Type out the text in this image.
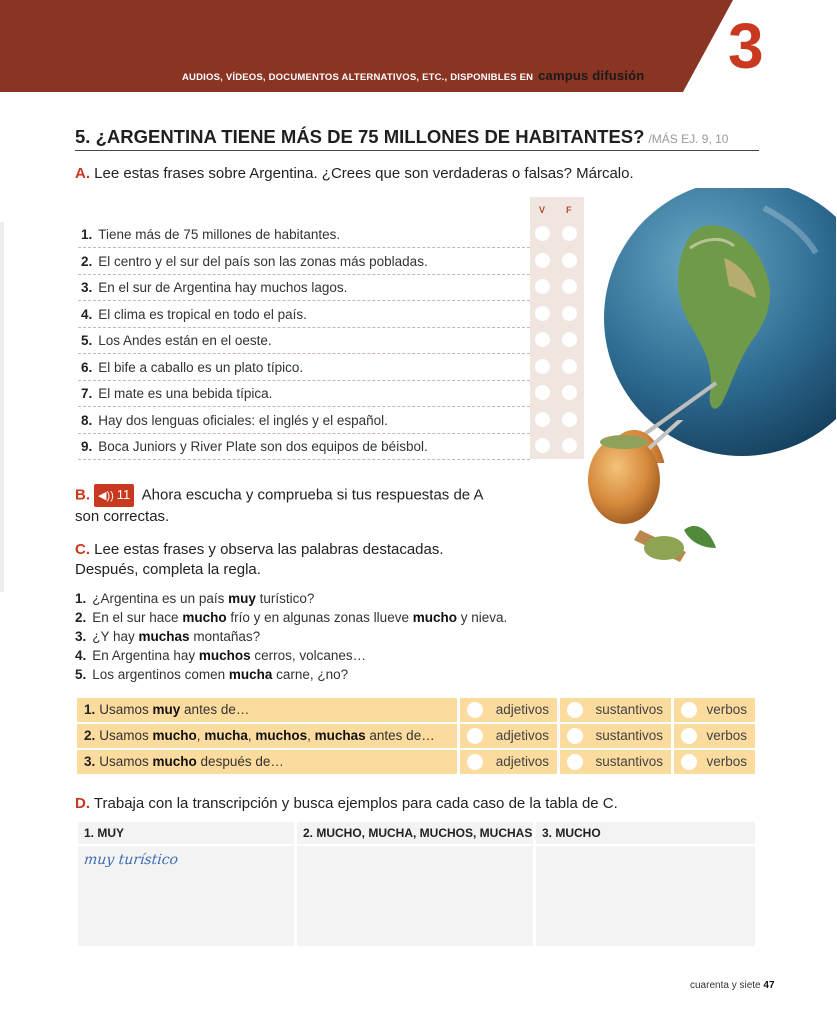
AUDIOS, VÍDEOS, DOCUMENTOS ALTERNATIVOS, ETC., DISPONIBLES EN campus difusión 3
5. ¿ARGENTINA TIENE MÁS DE 75 MILLONES DE HABITANTES? /MÁS EJ. 9, 10
A. Lee estas frases sobre Argentina. ¿Crees que son verdaderas o falsas? Márcalo.
V F
1. Tiene más de 75 millones de habitantes.
2. El centro y el sur del país son las zonas más pobladas.
3. En el sur de Argentina hay muchos lagos.
4. El clima es tropical en todo el país.
5. Los Andes están en el oeste.
6. El bife a caballo es un plato típico.
7. El mate es una bebida típica.
8. Hay dos lenguas oficiales: el inglés y el español.
9. Boca Juniors y River Plate son dos equipos de béisbol.
B. ◀)) 11 Ahora escucha y comprueba si tus respuestas de A
son correctas.
C. Lee estas frases y observa las palabras destacadas.
Después, completa la regla.
1. ¿Argentina es un país muy turístico?
2. En el sur hace mucho frío y en algunas zonas llueve mucho y nieva.
3. ¿Y hay muchas montañas?
4. En Argentina hay muchos cerros, volcanes…
5. Los argentinos comen mucha carne, ¿no?
1. Usamos muy antes de…	adjetivos	sustantivos	verbos
2. Usamos mucho, mucha, muchos, muchas antes de…	adjetivos	sustantivos	verbos
3. Usamos mucho después de…	adjetivos	sustantivos	verbos
D. Trabaja con la transcripción y busca ejemplos para cada caso de la tabla de C.
1. MUY	2. MUCHO, MUCHA, MUCHOS, MUCHAS 3. MUCHO
muy turístico
cuarenta y siete 47
